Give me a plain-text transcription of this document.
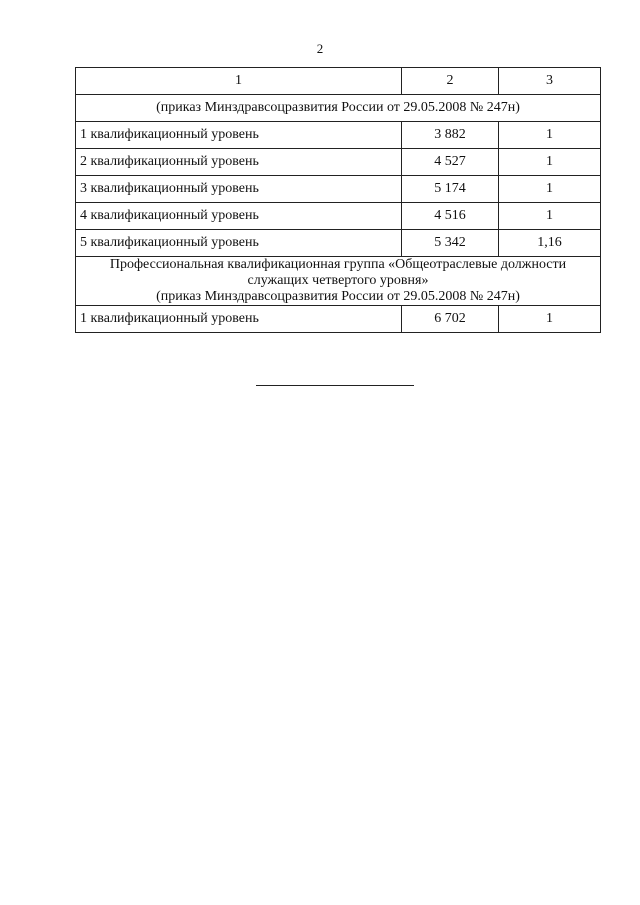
2
1	2	3
(приказ Минздравсоцразвития России от 29.05.2008 № 247н)		
1 квалификационный уровень	3 882	1
2 квалификационный уровень	4 527	1
3 квалификационный уровень	5 174	1
4 квалификационный уровень	4 516	1
5 квалификационный уровень	5 342	1,16

Профессиональная квалификационная группа «Общеотраслевые должности
служащих четвертого уровня»
(приказ Минздравсоцразвития России от 29.05.2008 № 247н)		

1 квалификационный уровень	6 702	1
